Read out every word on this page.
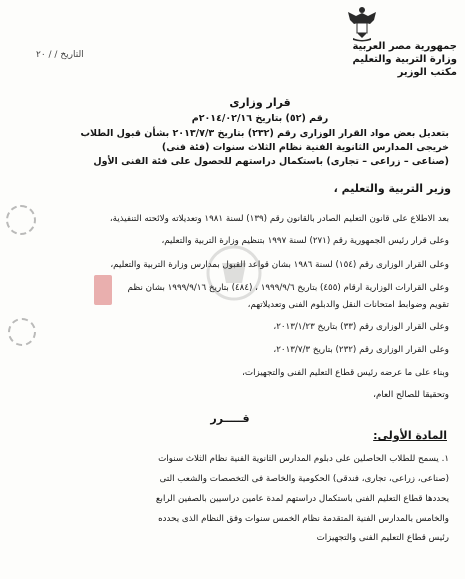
جمهورية مصر العربية
وزارة التربية والتعليم
مكتب الوزير
التاريخ / / ٢٠
قرار وزارى
رقم (٥٢) بتاريخ ٢٠١٤/٠٢/١٦م
بتعديل بعض مواد القرار الوزارى رقم (٢٣٢) بتاريخ ٢٠١٣/٧/٣ بشأن قبول الطلاب
خريجى المدارس الثانوية الفنية نظام الثلاث سنوات (فئة فنى)
(صناعى – زراعى – تجارى) باستكمال دراستهم للحصول على فئة الفنى الأول
وزير التربية والتعليم ،
بعد الاطلاع على قانون التعليم الصادر بالقانون رقم (١٣٩) لسنة ١٩٨١ وتعديلاته ولائحته التنفيذية،
وعلى قرار رئيس الجمهورية رقم (٢٧١) لسنة ١٩٩٧ بتنظيم وزارة التربية والتعليم،
وعلى القرار الوزارى رقم (١٥٤) لسنة ١٩٨٦ بشأن قواعد القبول بمدارس وزارة التربية والتعليم،
وعلى القرارات الوزارية أرقام (٤٥٥) بتاريخ ١٩٩٩/٩/٦ ، (٤٨٤) بتاريخ ١٩٩٩/٩/١٦ بشأن نظم
تقويم وضوابط امتحانات النقل والدبلوم الفنى وتعديلاتهم،
وعلى القرار الوزارى رقم (٣٣) بتاريخ ٢٠١٣/١/٢٣،
وعلى القرار الوزارى رقم (٢٣٢) بتاريخ ٢٠١٣/٧/٣،
وبناء على ما عرضه رئيس قطاع التعليم الفنى والتجهيزات،
وتحقيقاً للصالح العام،
قـــــرر
المادة الأولى:
١. يسمح للطلاب الحاصلين على دبلوم المدارس الثانوية الفنية نظام الثلاث سنوات
(صناعى، زراعى، تجارى، فندقى) الحكومية والخاصة فى التخصصات والشعب التى
يحددها قطاع التعليم الفنى باستكمال دراستهم لمدة عامين دراسيين بالصفين الرابع
والخامس بالمدارس الفنية المتقدمة نظام الخمس سنوات وفق النظام الذى يحدده
رئيس قطاع التعليم الفنى والتجهيزات
